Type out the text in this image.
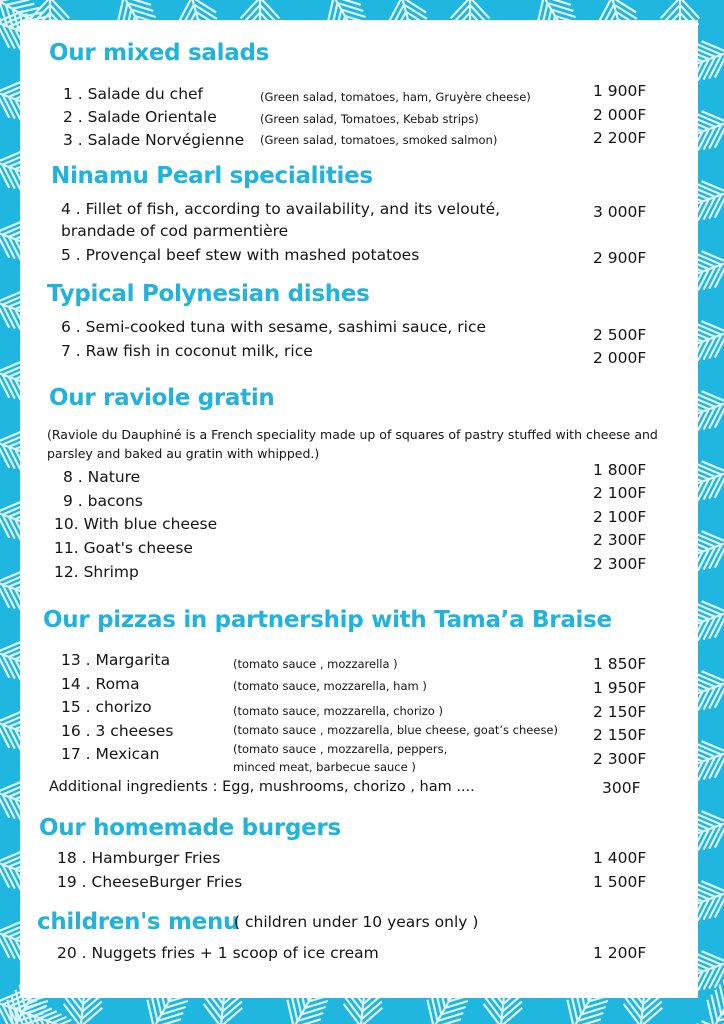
Our mixed salads
1 . Salade du chef	(Green salad, tomatoes, ham, Gruyère cheese)	1 900F
2 . Salade Orientale	(Green salad, Tomatoes, Kebab strips)	2 000F
3 . Salade Norvégienne (Green salad, tomatoes, smoked salmon)	2 200F
Ninamu Pearl specialities
4 . Fillet of fish, according to availability, and its velouté,
brandade of cod parmentière
3 000F
5 . Provençal beef stew with mashed potatoes	2 900F
Typical Polynesian dishes
6 . Semi-cooked tuna with sesame, sashimi sauce, rice	2 500F
7 . Raw fish in coconut milk, rice	2 000F
Our raviole gratin
(Raviole du Dauphiné is a French speciality made up of squares of pastry stuffed with cheese and parsley and baked au gratin with whipped.)
8 . Nature	1 800F
9 . bacons	2 100F
10. With blue cheese	2 100F
11. Goat's cheese	2 300F
12. Shrimp	2 300F
Our pizzas in partnership with Tama’a Braise
13 . Margarita	(tomato sauce , mozzarella )	1 850F
14 . Roma	(tomato sauce, mozzarella, ham )	1 950F
15 . chorizo	(tomato sauce, mozzarella, chorizo )	2 150F
16 . 3 cheeses	(tomato sauce , mozzarella, blue cheese, goat’s cheese) 2 150F
17 . Mexican	(tomato sauce , mozzarella, peppers,
minced meat, barbecue sauce )	2 300F
Additional ingredients : Egg, mushrooms, chorizo , ham ....	300F
Our homemade burgers
18 . Hamburger Fries	1 400F
19 . CheeseBurger Fries	1 500F
children's menu
( children under 10 years only )
20 . Nuggets fries + 1 scoop of ice cream	1 200F
